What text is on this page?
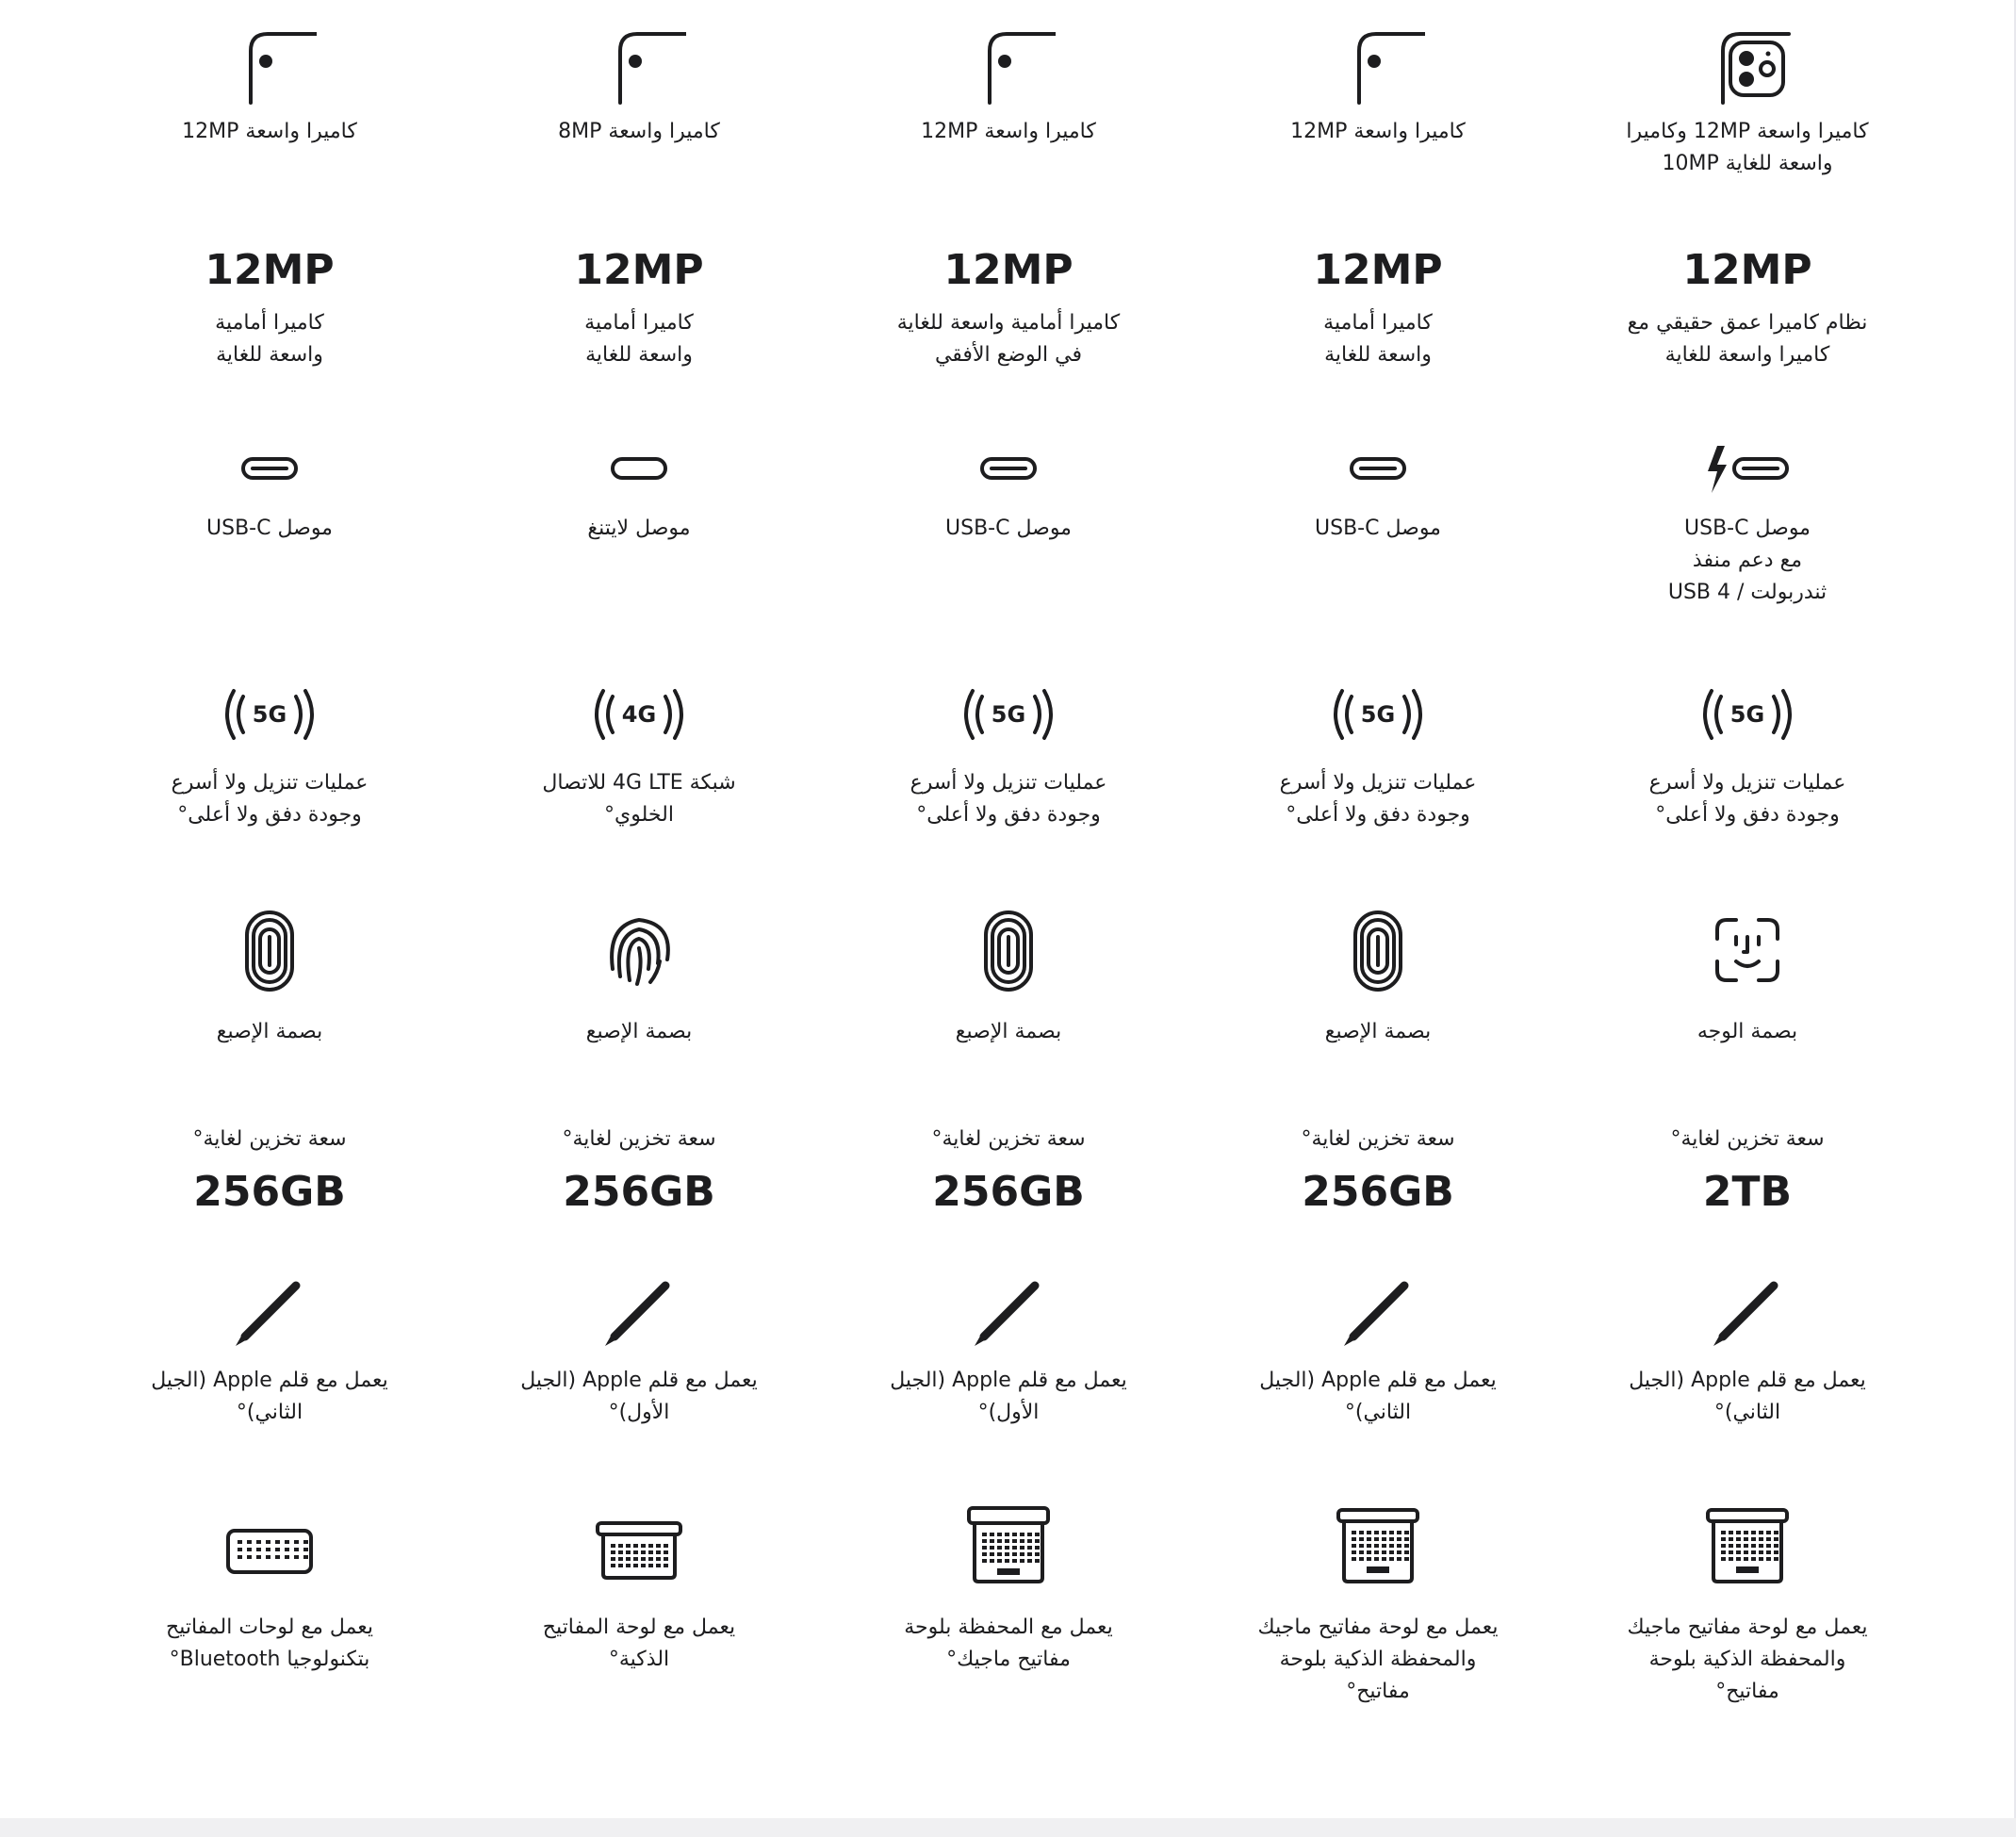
كاميرا واسعة 12MP
12MP
كاميرا أمامية
واسعة للغاية
موصل USB-C
5G
عمليات تنزيل ولا أسرع
وجودة دفق ولا أعلى°
بصمة الإصبع
سعة تخزين لغاية°
256GB
يعمل مع قلم Apple (الجيل
الثاني)°
يعمل مع لوحات المفاتيح
بتكنولوجيا Bluetooth°
كاميرا واسعة 8MP
12MP
كاميرا أمامية
واسعة للغاية
موصل لايتنغ
4G
شبكة 4G LTE للاتصال
الخلوي°
بصمة الإصبع
سعة تخزين لغاية°
256GB
يعمل مع قلم Apple (الجيل
الأول)°
يعمل مع لوحة المفاتيح
الذكية°
كاميرا واسعة 12MP
12MP
كاميرا أمامية واسعة للغاية
في الوضع الأفقي
موصل USB-C
5G
عمليات تنزيل ولا أسرع
وجودة دفق ولا أعلى°
بصمة الإصبع
سعة تخزين لغاية°
256GB
يعمل مع قلم Apple (الجيل
الأول)°
يعمل مع المحفظة بلوحة
مفاتيح ماجيك°
كاميرا واسعة 12MP
12MP
كاميرا أمامية
واسعة للغاية
موصل USB-C
5G
عمليات تنزيل ولا أسرع
وجودة دفق ولا أعلى°
بصمة الإصبع
سعة تخزين لغاية°
256GB
يعمل مع قلم Apple (الجيل
الثاني)°
يعمل مع لوحة مفاتيح ماجيك
والمحفظة الذكية بلوحة
مفاتيح°
كاميرا واسعة 12MP وكاميرا
واسعة للغاية 10MP
12MP
نظام كاميرا عمق حقيقي مع
كاميرا واسعة للغاية
موصل USB-C
مع دعم منفذ
ثندربولت / USB 4
5G
عمليات تنزيل ولا أسرع
وجودة دفق ولا أعلى°
بصمة الوجه
سعة تخزين لغاية°
2TB
يعمل مع قلم Apple (الجيل
الثاني)°
يعمل مع لوحة مفاتيح ماجيك
والمحفظة الذكية بلوحة
مفاتيح°
